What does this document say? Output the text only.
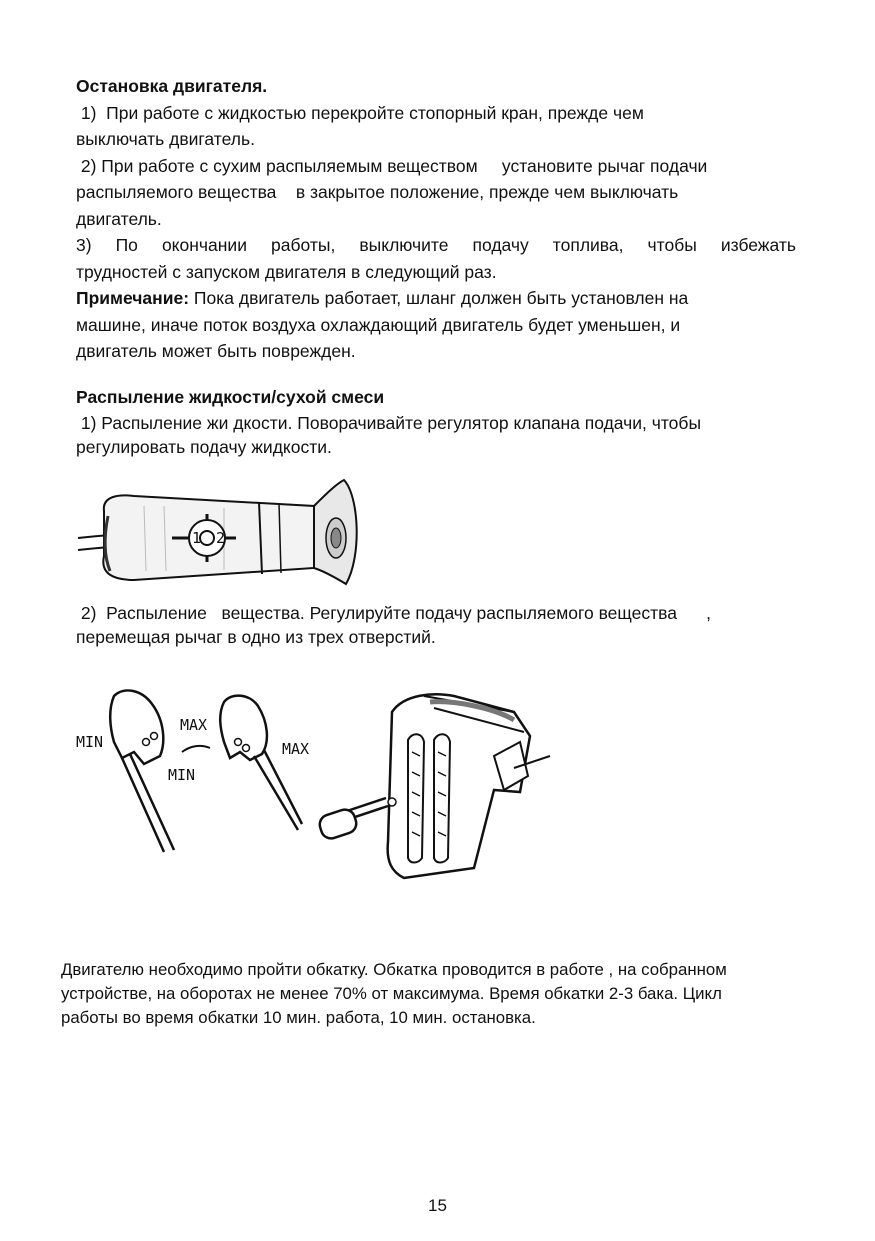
Остановка двигателя.
1)  При работе с жидкостью перекройте стопорный кран, прежде чем
выключать двигатель.
2) При работе с сухим распыляемым веществом     установите рычаг подачи
распыляемого вещества    в закрытое положение, прежде чем выключать
двигатель.
3) По окончании работы, выключите подачу топлива, чтобы избежать
трудностей с запуском двигателя в следующий раз.
Примечание: Пока двигатель работает, шланг должен быть установлен на
машине, иначе поток воздуха охлаждающий двигатель будет уменьшен, и
двигатель может быть поврежден.
Распыление жидкости/сухой смеси
1) Распыление жи дкости. Поворачивайте регулятор клапана подачи, чтобы
регулировать подачу жидкости.
1 2
2)  Распыление   вещества. Регулируйте подачу распыляемого вещества      ,
перемещая рычаг в одно из трех отверстий.
MIN
MAX
MIN
MAX
Двигателю необходимо пройти обкатку. Обкатка проводится в работе , на собранном
устройстве, на оборотах не менее 70% от максимума. Время обкатки 2-3 бака. Цикл
работы во время обкатки 10 мин. работа, 10 мин. остановка.
15
